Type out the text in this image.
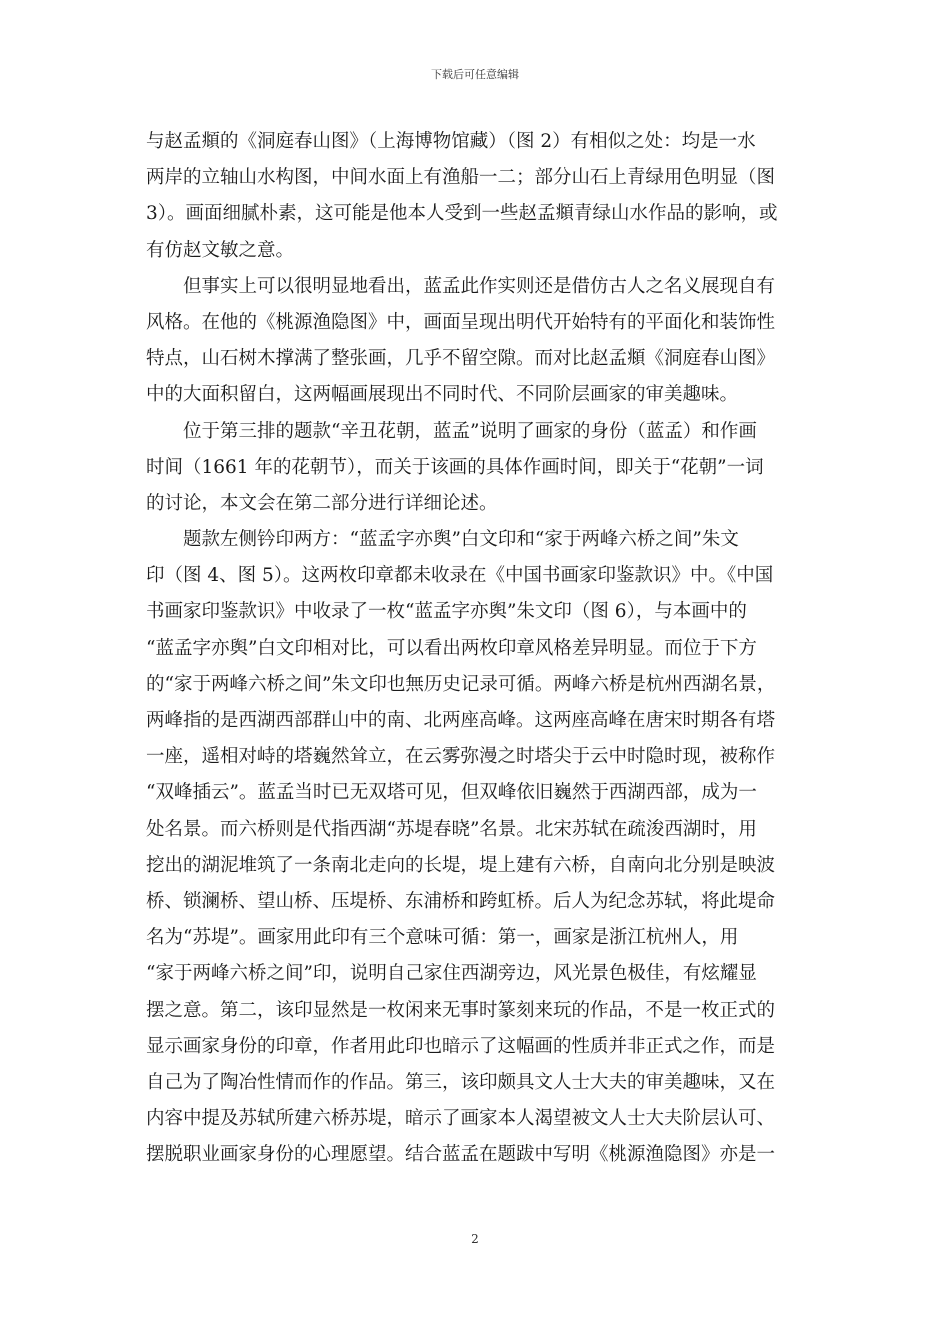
下载后可任意编辑
与赵孟頫的《洞庭春山图》（上海博物馆藏）（图 2）有相似之处：均是一水
两岸的立轴山水构图，中间水面上有渔船一二；部分山石上青绿用色明显（图
3）。画面细腻朴素，这可能是他本人受到一些赵孟頫青绿山水作品的影响，或
有仿赵文敏之意。
但事实上可以很明显地看出，蓝孟此作实则还是借仿古人之名义展现自有
风格。在他的《桃源渔隐图》中，画面呈现出明代开始特有的平面化和装饰性
特点，山石树木撑满了整张画，几乎不留空隙。而对比赵孟頫《洞庭春山图》
中的大面积留白，这两幅画展现出不同时代、不同阶层画家的审美趣味。
位于第三排的题款“辛丑花朝，蓝孟”说明了画家的身份（蓝孟）和作画
时间（1661 年的花朝节），而关于该画的具体作画时间，即关于“花朝”一词
的讨论，本文会在第二部分进行详细论述。
题款左侧钤印两方：“蓝孟字亦舆”白文印和“家于两峰六桥之间”朱文
印（图 4、图 5）。这两枚印章都未收录在《中国书画家印鉴款识》中。《中国
书画家印鉴款识》中收录了一枚“蓝孟字亦舆”朱文印（图 6），与本画中的
“蓝孟字亦舆”白文印相对比，可以看出两枚印章风格差异明显。而位于下方
的“家于两峰六桥之间”朱文印也無历史记录可循。两峰六桥是杭州西湖名景，
两峰指的是西湖西部群山中的南、北两座高峰。这两座高峰在唐宋时期各有塔
一座，遥相对峙的塔巍然耸立，在云雾弥漫之时塔尖于云中时隐时现，被称作
“双峰插云”。蓝孟当时已无双塔可见，但双峰依旧巍然于西湖西部，成为一
处名景。而六桥则是代指西湖“苏堤春晓”名景。北宋苏轼在疏浚西湖时，用
挖出的湖泥堆筑了一条南北走向的长堤，堤上建有六桥，自南向北分别是映波
桥、锁澜桥、望山桥、压堤桥、东浦桥和跨虹桥。后人为纪念苏轼，将此堤命
名为“苏堤”。画家用此印有三个意味可循：第一，画家是浙江杭州人，用
“家于两峰六桥之间”印，说明自己家住西湖旁边，风光景色极佳，有炫耀显
摆之意。第二，该印显然是一枚闲来无事时篆刻来玩的作品，不是一枚正式的
显示画家身份的印章，作者用此印也暗示了这幅画的性质并非正式之作，而是
自己为了陶冶性情而作的作品。第三，该印颇具文人士大夫的审美趣味，又在
内容中提及苏轼所建六桥苏堤，暗示了画家本人渴望被文人士大夫阶层认可、
摆脱职业画家身份的心理愿望。结合蓝孟在题跋中写明《桃源渔隐图》亦是一
2
